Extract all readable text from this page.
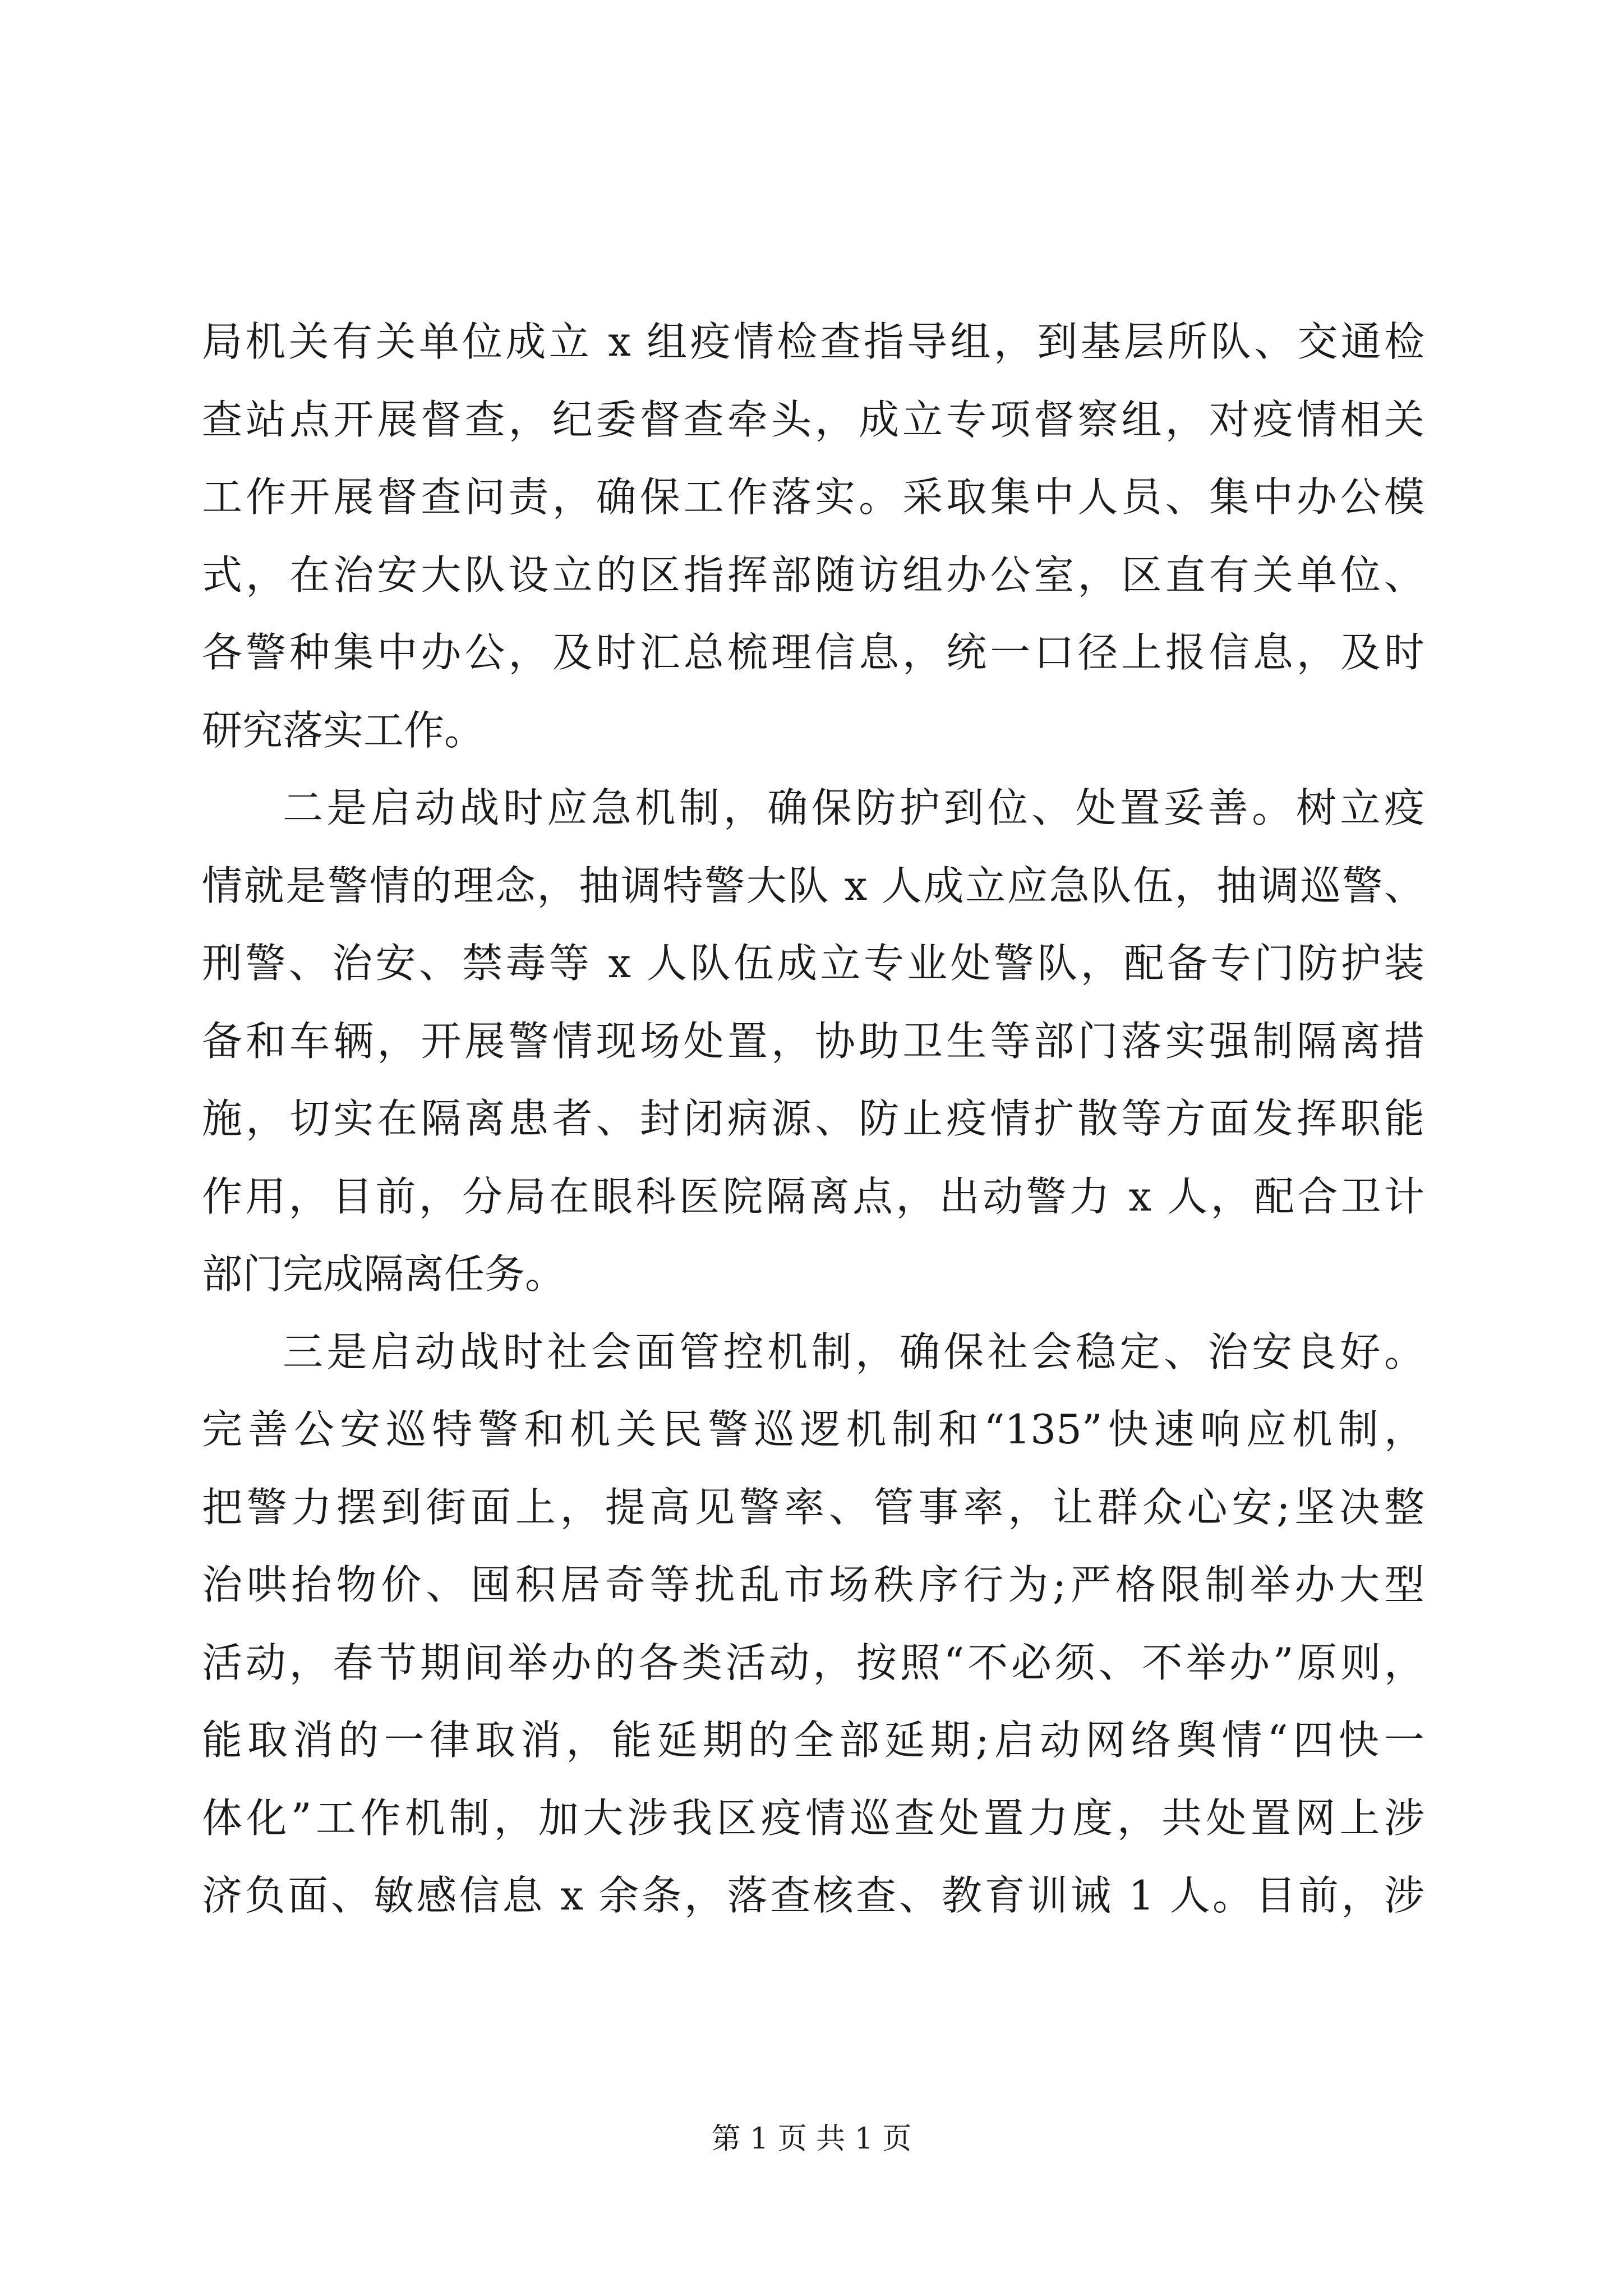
局机关有关单位成立 x 组疫情检查指导组，到基层所队、交通检
查站点开展督查，纪委督查牵头，成立专项督察组，对疫情相关
工作开展督查问责，确保工作落实。采取集中人员、集中办公模
式，在治安大队设立的区指挥部随访组办公室，区直有关单位、
各警种集中办公，及时汇总梳理信息，统一口径上报信息，及时
研究落实工作。
二是启动战时应急机制，确保防护到位、处置妥善。树立疫
情就是警情的理念，抽调特警大队 x 人成立应急队伍，抽调巡警、
刑警、治安、禁毒等 x 人队伍成立专业处警队，配备专门防护装
备和车辆，开展警情现场处置，协助卫生等部门落实强制隔离措
施，切实在隔离患者、封闭病源、防止疫情扩散等方面发挥职能
作用，目前，分局在眼科医院隔离点，出动警力 x 人，配合卫计
部门完成隔离任务。
三是启动战时社会面管控机制，确保社会稳定、治安良好。
完善公安巡特警和机关民警巡逻机制和“135”快速响应机制，
把警力摆到街面上，提高见警率、管事率，让群众心安;坚决整
治哄抬物价、囤积居奇等扰乱市场秩序行为;严格限制举办大型
活动，春节期间举办的各类活动，按照“不必须、不举办”原则，
能取消的一律取消，能延期的全部延期;启动网络舆情“四快一
体化”工作机制，加大涉我区疫情巡查处置力度，共处置网上涉
济负面、敏感信息 x 余条，落查核查、教育训诫 1 人。目前，涉
第 1 页 共 1 页
